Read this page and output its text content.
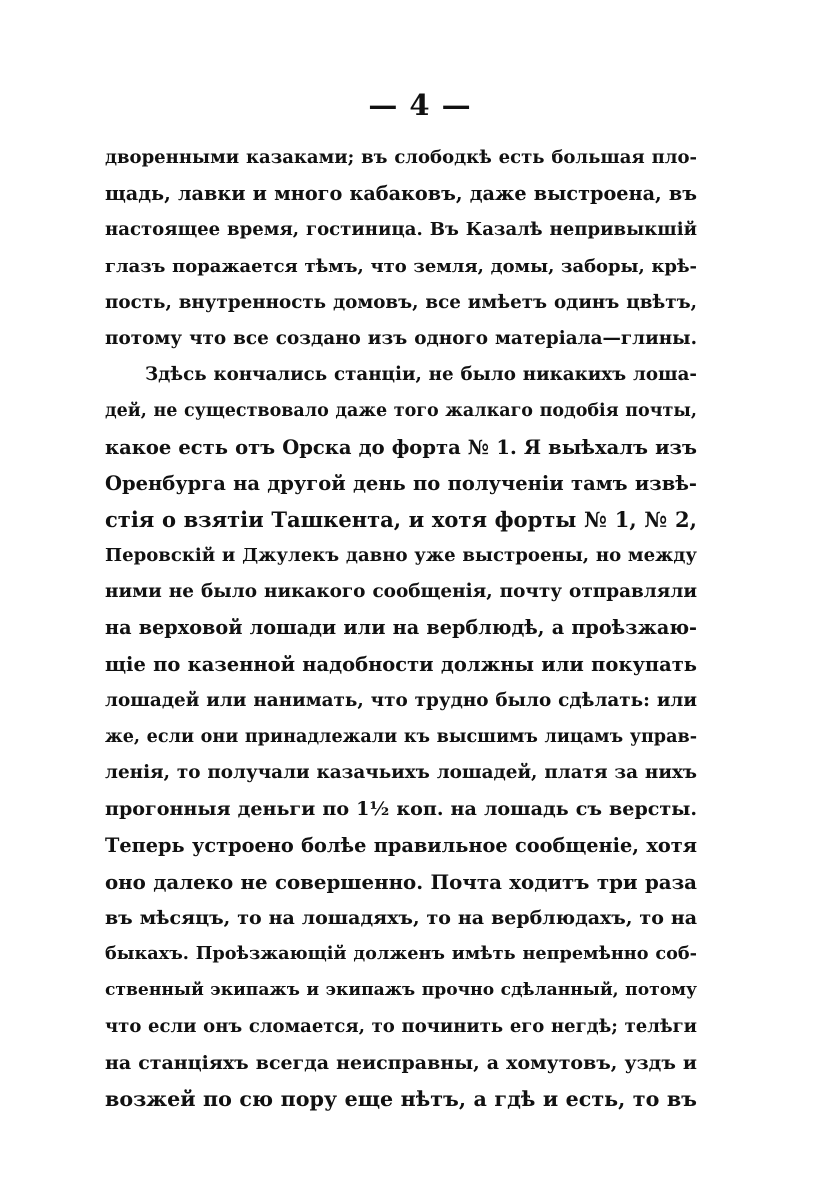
— 4 —
дворенными казаками; въ слободкѣ есть большая пло-
щадь, лавки и много кабаковъ, даже выстроена, въ
настоящее время, гостиница. Въ Казалѣ непривыкшій
глазъ поражается тѣмъ, что земля, домы, заборы, крѣ-
пость, внутренность домовъ, все имѣетъ одинъ цвѣтъ,
потому что все создано изъ одного матеріала—глины.
Здѣсь кончались станціи, не было никакихъ лоша-
дей, не существовало даже того жалкаго подобія почты,
какое есть отъ Орска до форта № 1. Я выѣхалъ изъ
Оренбурга на другой день по полученіи тамъ извѣ-
стія о взятіи Ташкента, и хотя форты № 1, № 2,
Перовскій и Джулекъ давно уже выстроены, но между
ними не было никакого сообщенія, почту отправляли
на верховой лошади или на верблюдѣ, а проѣзжаю-
щіе по казенной надобности должны или покупать
лошадей или нанимать, что трудно было сдѣлать: или
же, если они принадлежали къ высшимъ лицамъ управ-
ленія, то получали казачьихъ лошадей, платя за нихъ
прогонныя деньги по 1½ коп. на лошадь съ версты.
Теперь устроено болѣе правильное сообщеніе, хотя
оно далеко не совершенно. Почта ходитъ три раза
въ мѣсяцъ, то на лошадяхъ, то на верблюдахъ, то на
быкахъ. Проѣзжающій долженъ имѣть непремѣнно соб-
ственный экипажъ и экипажъ прочно сдѣланный, потому
что если онъ сломается, то починить его негдѣ; телѣги
на станціяхъ всегда неисправны, а хомутовъ, уздъ и
возжей по сю пору еще нѣтъ, а гдѣ и есть, то въ
